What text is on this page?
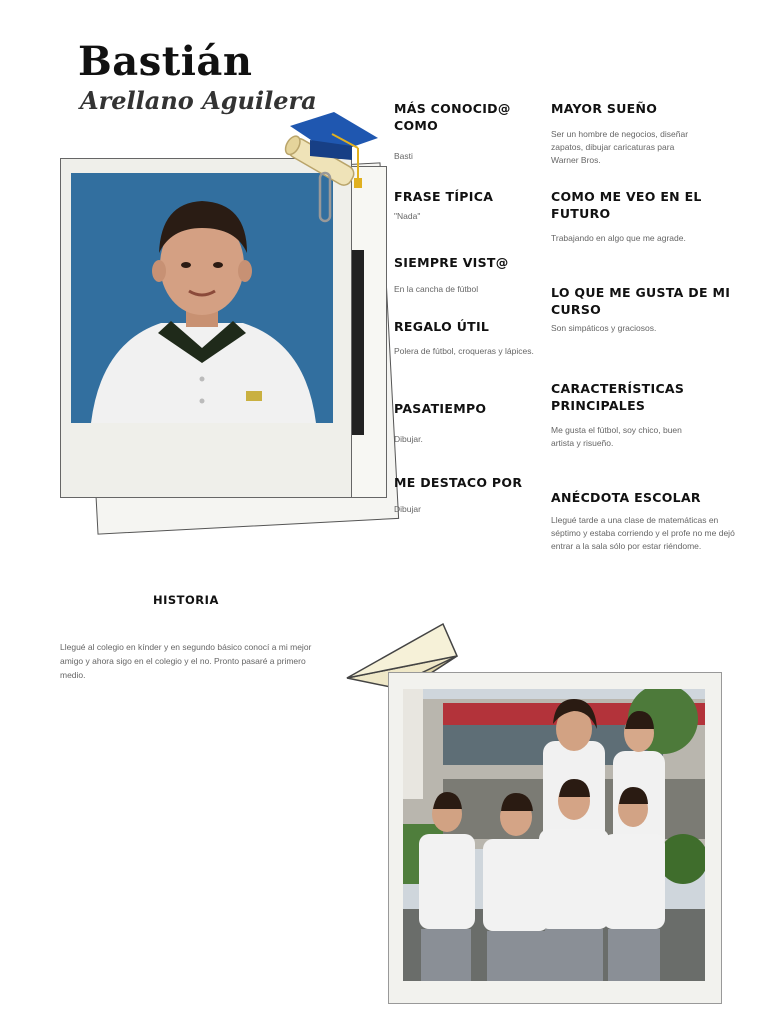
Bastián
Arellano Aguilera	MÁS CONOCID@ COMO

Basti

FRASE TÍPICA

"Nada"

SIEMPRE VIST@

En la cancha de fútbol

REGALO ÚTIL

Polera de fútbol, croqueras y lápices.

PASATIEMPO

Dibujar.

ME DESTACO POR

Dibujar

MAYOR SUEÑO

Ser un hombre de negocios, diseñar zapatos, dibujar caricaturas para Warner Bros.

COMO ME VEO EN EL FUTURO

Trabajando en algo que me agrade.

LO QUE ME GUSTA DE MI CURSO

Son simpáticos y graciosos.

CARACTERÍSTICAS PRINCIPALES

Me gusta el fútbol, soy chico, buen artista y risueño.

ANÉCDOTA ESCOLAR

Llegué tarde a una clase de matemáticas en séptimo y estaba corriendo y el profe no me dejó entrar a la sala sólo por estar riéndome.

HISTORIA

Llegué al colegio en kínder y en segundo básico conocí a mi mejor amigo y ahora sigo en el colegio y el no. Pronto pasaré a primero medio.
